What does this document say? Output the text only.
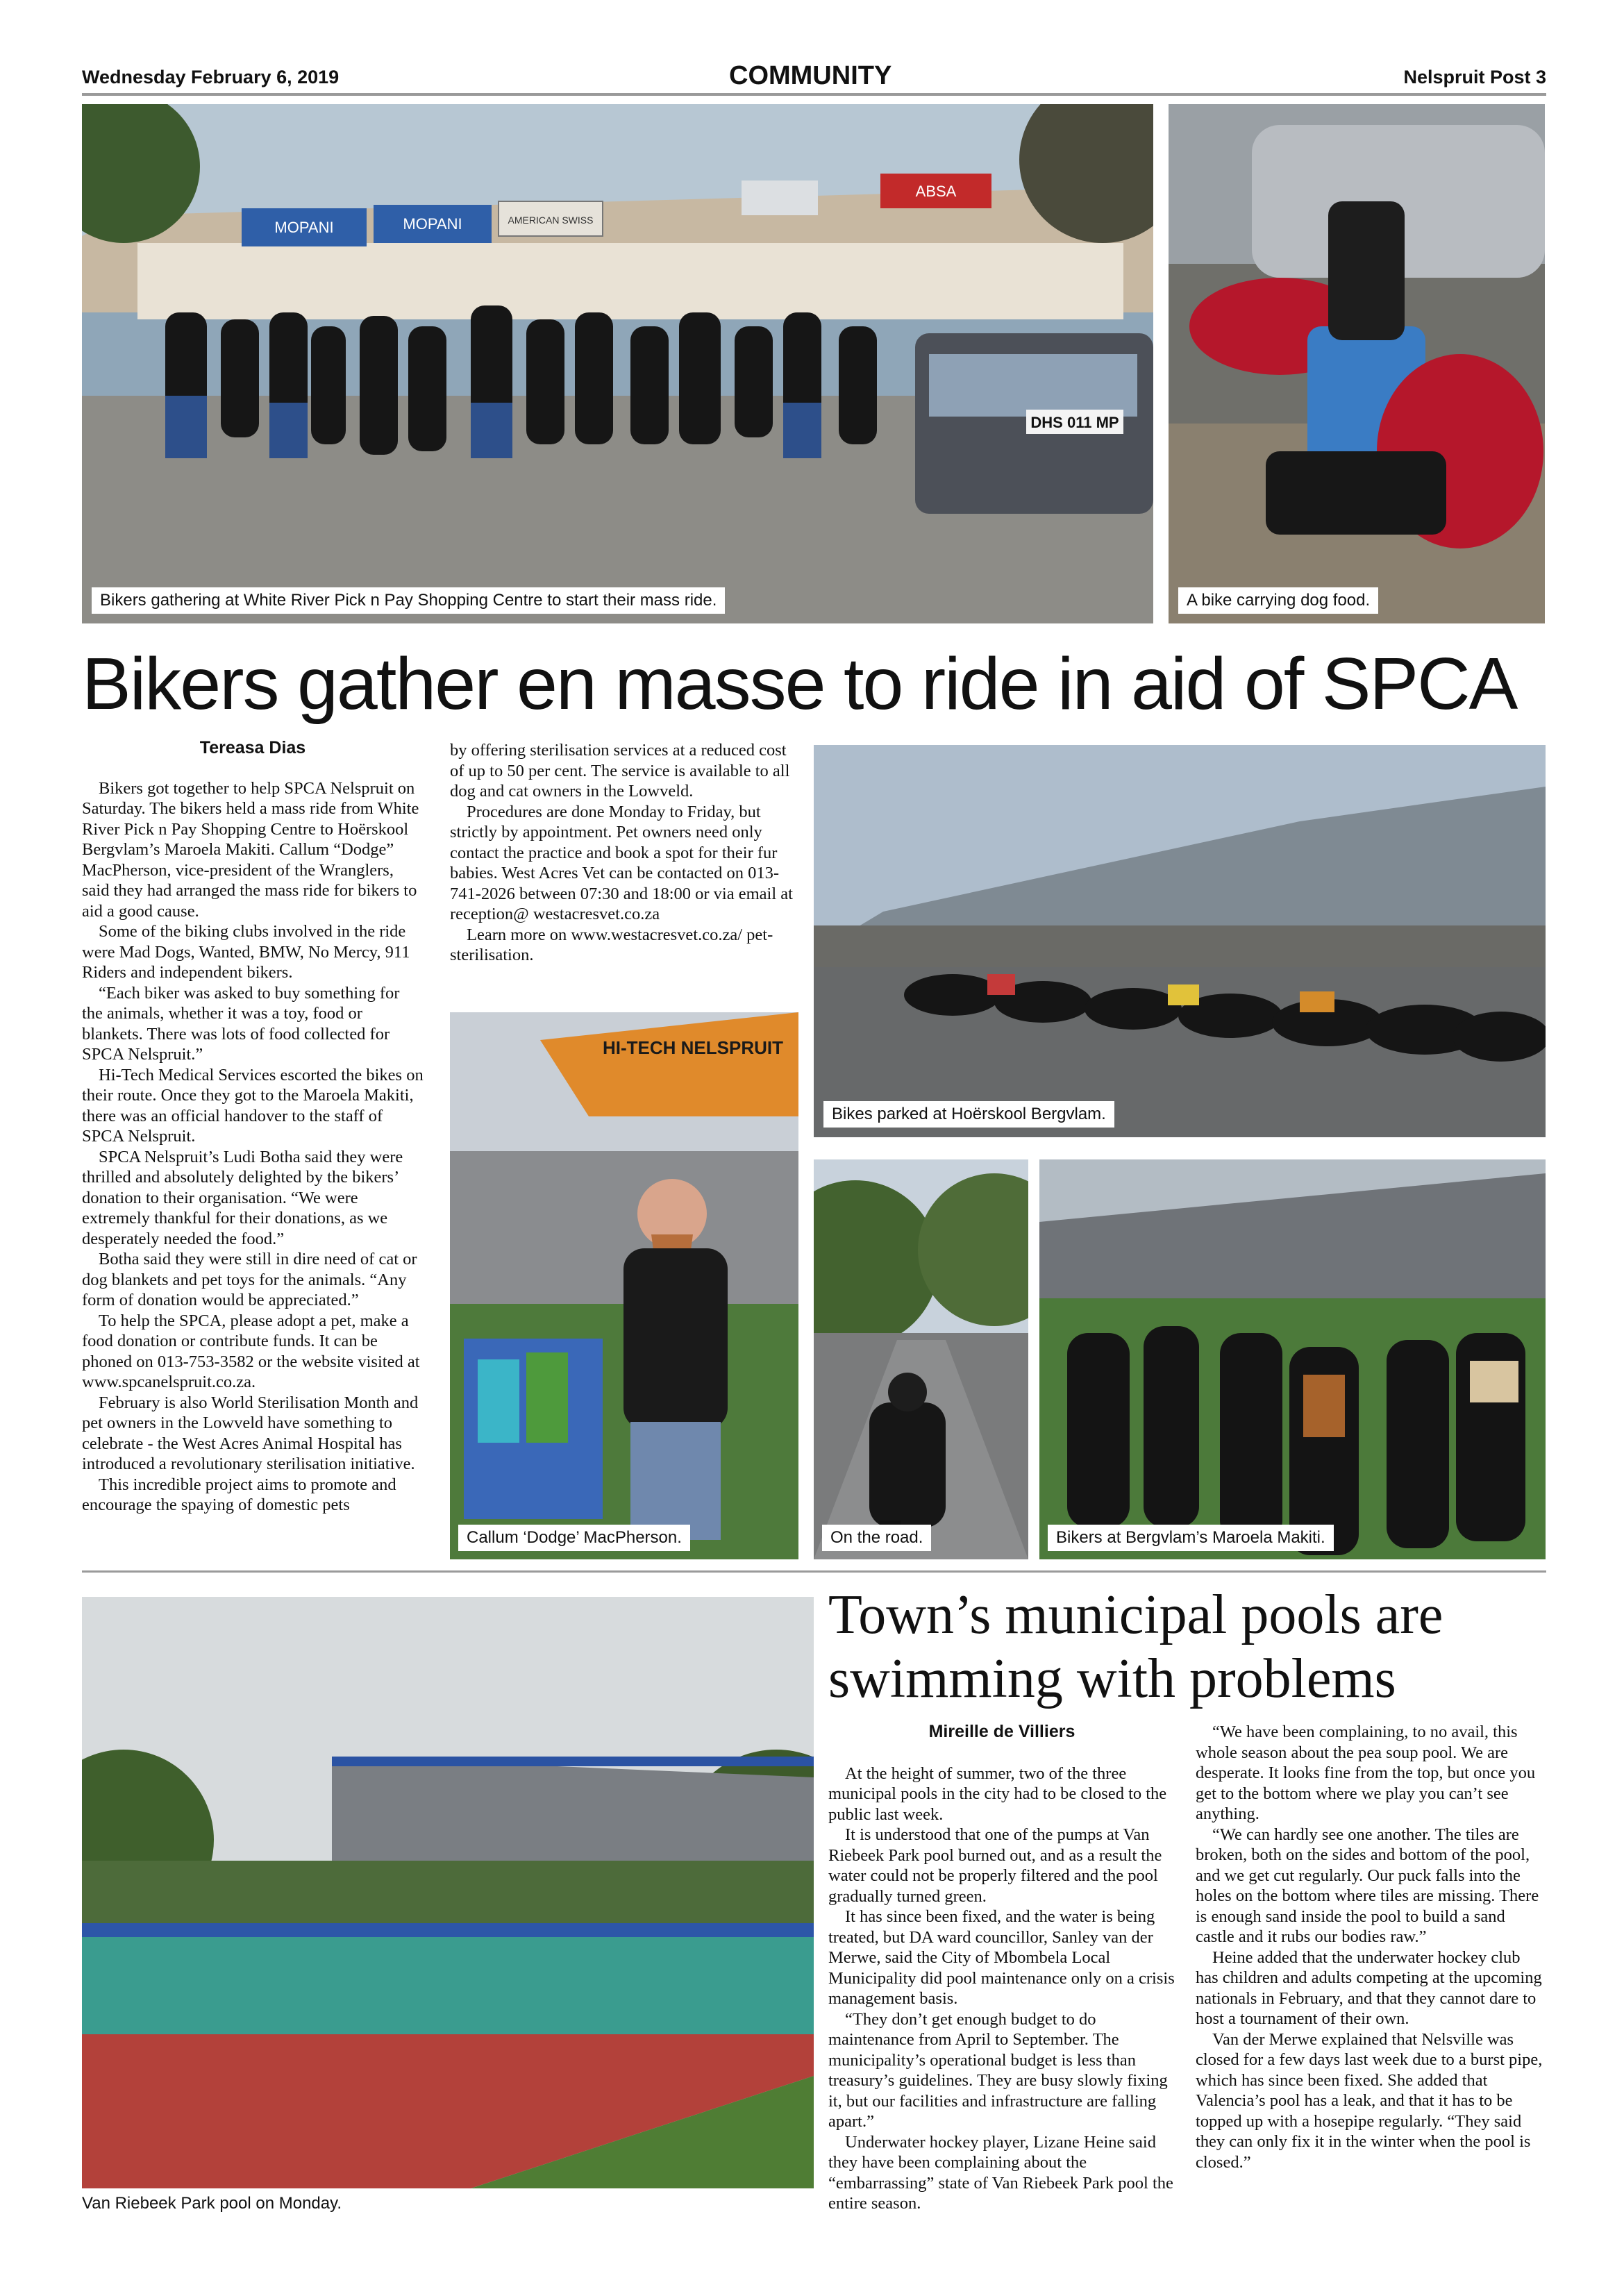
Wednesday February 6, 2019	COMMUNITY	Nelspruit Post 3
MOPANI	MOPANI	AMERICAN SWISS
ABSA
DHS 011 MP
Bikers gathering at White River Pick n Pay Shopping Centre to start their mass ride.	A bike carrying dog food.
Bikers gather en masse to ride in aid of SPCA
Tereasa Dias

Bikers got together to help SPCA Nelspruit on Saturday. The bikers held a mass ride from White River Pick n Pay Shopping Centre to Hoërskool Bergvlam’s Maroela Makiti. Callum “Dodge” MacPherson, vice-president of the Wranglers, said they had arranged the mass ride for bikers to aid a good cause.

Some of the biking clubs involved in the ride were Mad Dogs, Wanted, BMW, No Mercy, 911 Riders and independent bikers.

“Each biker was asked to buy something for the animals, whether it was a toy, food or blankets. There was lots of food collected for SPCA Nelspruit.”

Hi-Tech Medical Services escorted the bikes on their route. Once they got to the Maroela Makiti, there was an official handover to the staff of SPCA Nelspruit.

SPCA Nelspruit’s Ludi Botha said they were thrilled and absolutely delighted by the bikers’ donation to their organisation. “We were extremely thankful for their donations, as we desperately needed the food.”

Botha said they were still in dire need of cat or dog blankets and pet toys for the animals. “Any form of donation would be appreciated.”

To help the SPCA, please adopt a pet, make a food donation or contribute funds. It can be phoned on 013-753-3582 or the website visited at www.spcanelspruit.co.za.

February is also World Sterilisation Month and pet owners in the Lowveld have something to celebrate - the West Acres Animal Hospital has introduced a revolutionary sterilisation initiative.

This incredible project aims to promote and encourage the spaying of domestic pets

by offering sterilisation services at a reduced cost of up to 50 per cent. The service is available to all dog and cat owners in the Lowveld.

Procedures are done Monday to Friday, but strictly by appointment. Pet owners need only contact the practice and book a spot for their fur babies. West Acres Vet can be contacted on 013-741-2026 between 07:30 and 18:00 or via email at reception@ westacresvet.co.za

Learn more on www.westacresvet.co.za/ pet-sterilisation.

HI-TECH NELSPRUIT
Callum ‘Dodge’ MacPherson.
Bikes parked at Hoërskool Bergvlam.
On the road.	Bikers at Bergvlam’s Maroela Makiti.
Van Riebeek Park pool on Monday.
Town’s municipal pools are swimming with problems
Mireille de Villiers

At the height of summer, two of the three municipal pools in the city had to be closed to the public last week.

It is understood that one of the pumps at Van Riebeek Park pool burned out, and as a result the water could not be properly filtered and the pool gradually turned green.

It has since been fixed, and the water is being treated, but DA ward councillor, Sanley van der Merwe, said the City of Mbombela Local Municipality did pool maintenance only on a crisis management basis.

“They don’t get enough budget to do maintenance from April to September. The municipality’s operational budget is less than treasury’s guidelines. They are busy slowly fixing it, but our facilities and infrastructure are falling apart.”

Underwater hockey player, Lizane Heine said they have been complaining about the “embarrassing” state of Van Riebeek Park pool the entire season.

“We have been complaining, to no avail, this whole season about the pea soup pool. We are desperate. It looks fine from the top, but once you get to the bottom where we play you can’t see anything.

“We can hardly see one another. The tiles are broken, both on the sides and bottom of the pool, and we get cut regularly. Our puck falls into the holes on the bottom where tiles are missing. There is enough sand inside the pool to build a sand castle and it rubs our bodies raw.”

Heine added that the underwater hockey club has children and adults competing at the upcoming nationals in February, and that they cannot dare to host a tournament of their own.

Van der Merwe explained that Nelsville was closed for a few days last week due to a burst pipe, which has since been fixed. She added that Valencia’s pool has a leak, and that it has to be topped up with a hosepipe regularly. “They said they can only fix it in the winter when the pool is closed.”
